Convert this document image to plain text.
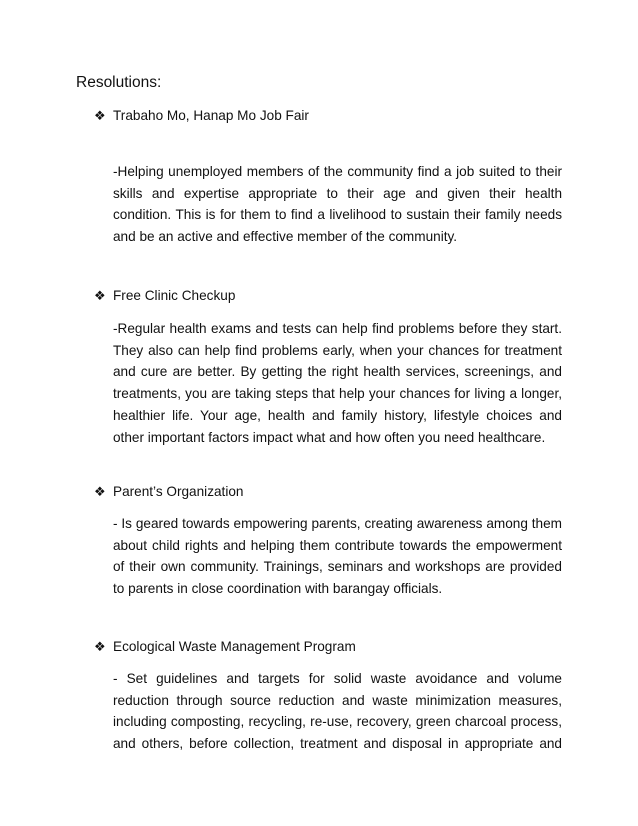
Resolutions:
❖ Trabaho Mo, Hanap Mo Job Fair
-Helping unemployed members of the community find a job suited to their skills and expertise appropriate to their age and given their health condition. This is for them to find a livelihood to sustain their family needs and be an active and effective member of the community.
❖ Free Clinic Checkup
-Regular health exams and tests can help find problems before they start. They also can help find problems early, when your chances for treatment and cure are better. By getting the right health services, screenings, and treatments, you are taking steps that help your chances for living a longer, healthier life. Your age, health and family history, lifestyle choices and other important factors impact what and how often you need healthcare.
❖ Parent’s Organization
- Is geared towards empowering parents, creating awareness among them about child rights and helping them contribute towards the empowerment of their own community. Trainings, seminars and workshops are provided to parents in close coordination with barangay officials.
❖ Ecological Waste Management Program
- Set guidelines and targets for solid waste avoidance and volume reduction through source reduction and waste minimization measures, including composting, recycling, re-use, recovery, green charcoal process, and others, before collection, treatment and disposal in appropriate and
